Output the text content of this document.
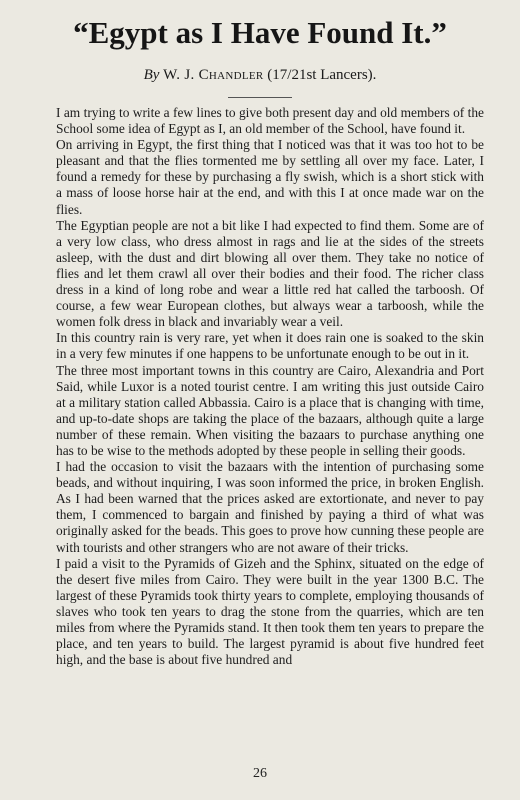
“Egypt as I Have Found It.”
By W. J. Chandler (17/21st Lancers).

I am trying to write a few lines to give both present day and old members of the School some idea of Egypt as I, an old member of the School, have found it.

On arriving in Egypt, the first thing that I noticed was that it was too hot to be pleasant and that the flies tormented me by settling all over my face. Later, I found a remedy for these by purchasing a fly swish, which is a short stick with a mass of loose horse hair at the end, and with this I at once made war on the flies.

The Egyptian people are not a bit like I had expected to find them. Some are of a very low class, who dress almost in rags and lie at the sides of the streets asleep, with the dust and dirt blowing all over them. They take no notice of flies and let them crawl all over their bodies and their food. The richer class dress in a kind of long robe and wear a little red hat called the tarboosh. Of course, a few wear European clothes, but always wear a tarboosh, while the women folk dress in black and invariably wear a veil.

In this country rain is very rare, yet when it does rain one is soaked to the skin in a very few minutes if one happens to be unfortunate enough to be out in it.

The three most important towns in this country are Cairo, Alexandria and Port Said, while Luxor is a noted tourist centre. I am writing this just outside Cairo at a military station called Abbassia. Cairo is a place that is changing with time, and up-to-date shops are taking the place of the bazaars, although quite a large number of these remain. When visiting the bazaars to purchase anything one has to be wise to the methods adopted by these people in selling their goods.

I had the occasion to visit the bazaars with the intention of purchasing some beads, and without inquiring, I was soon informed the price, in broken English. As I had been warned that the prices asked are extortionate, and never to pay them, I commenced to bargain and finished by paying a third of what was originally asked for the beads. This goes to prove how cunning these people are with tourists and other strangers who are not aware of their tricks.

I paid a visit to the Pyramids of Gizeh and the Sphinx, situated on the edge of the desert five miles from Cairo. They were built in the year 1300 B.C. The largest of these Pyramids took thirty years to complete, employing thousands of slaves who took ten years to drag the stone from the quarries, which are ten miles from where the Pyramids stand. It then took them ten years to prepare the place, and ten years to build. The largest pyramid is about five hundred feet high, and the base is about five hundred and

26
